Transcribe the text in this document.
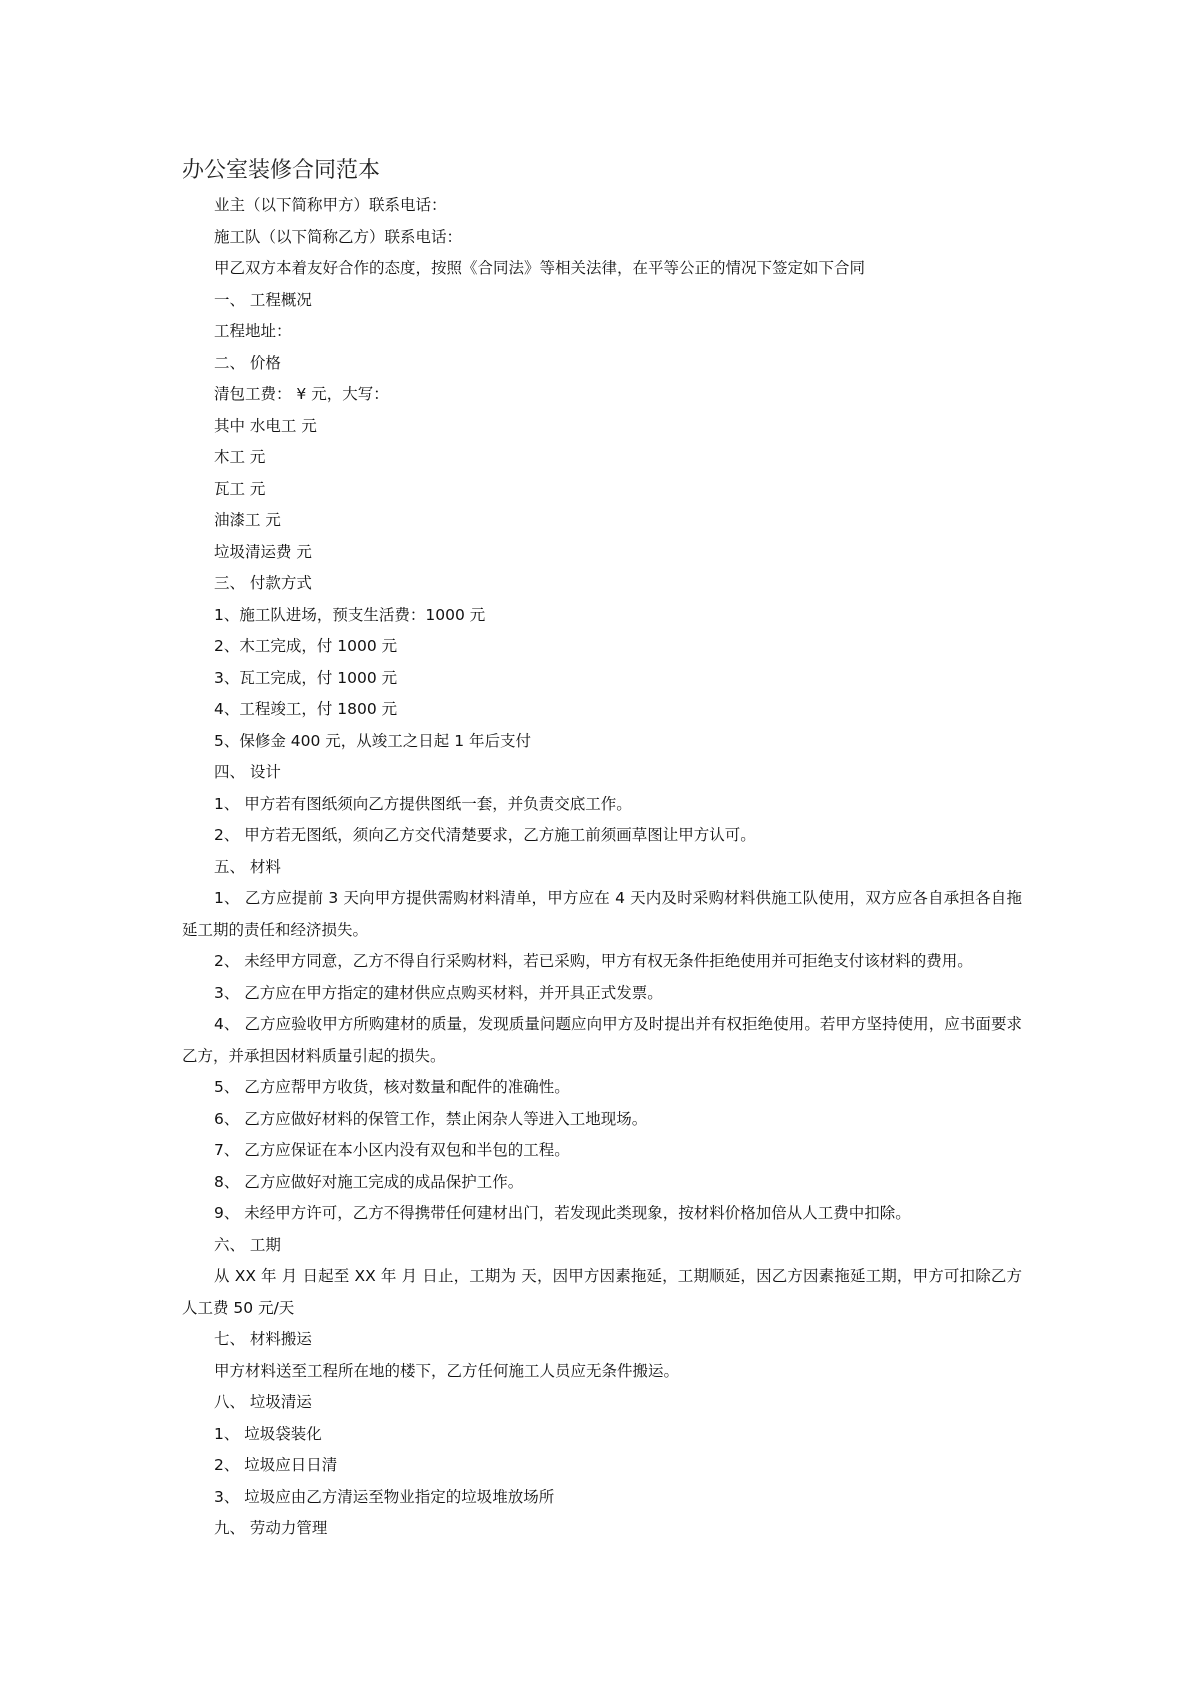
办公室装修合同范本

业主（以下简称甲方）联系电话：

施工队（以下简称乙方）联系电话：

甲乙双方本着友好合作的态度，按照《合同法》等相关法律，在平等公正的情况下签定如下合同

一、 工程概况

工程地址：

二、 价格

清包工费： ¥ 元，大写：

其中 水电工 元

木工 元

瓦工 元

油漆工 元

垃圾清运费 元

三、 付款方式

1、施工队进场，预支生活费：1000 元

2、木工完成，付 1000 元

3、瓦工完成，付 1000 元

4、工程竣工，付 1800 元

5、保修金 400 元，从竣工之日起 1 年后支付

四、 设计

1、 甲方若有图纸须向乙方提供图纸一套，并负责交底工作。

2、 甲方若无图纸，须向乙方交代清楚要求，乙方施工前须画草图让甲方认可。

五、 材料

1、 乙方应提前 3 天向甲方提供需购材料清单，甲方应在 4 天内及时采购材料供施工队使用，双方应各自承担各自拖延工期的责任和经济损失。

2、 未经甲方同意，乙方不得自行采购材料，若已采购，甲方有权无条件拒绝使用并可拒绝支付该材料的费用。

3、 乙方应在甲方指定的建材供应点购买材料，并开具正式发票。

4、 乙方应验收甲方所购建材的质量，发现质量问题应向甲方及时提出并有权拒绝使用。若甲方坚持使用，应书面要求乙方，并承担因材料质量引起的损失。

5、 乙方应帮甲方收货，核对数量和配件的准确性。

6、 乙方应做好材料的保管工作，禁止闲杂人等进入工地现场。

7、 乙方应保证在本小区内没有双包和半包的工程。

8、 乙方应做好对施工完成的成品保护工作。

9、 未经甲方许可，乙方不得携带任何建材出门，若发现此类现象，按材料价格加倍从人工费中扣除。

六、 工期

从 XX 年 月 日起至 XX 年 月 日止，工期为 天，因甲方因素拖延，工期顺延，因乙方因素拖延工期，甲方可扣除乙方人工费 50 元/天

七、 材料搬运

甲方材料送至工程所在地的楼下，乙方任何施工人员应无条件搬运。

八、 垃圾清运

1、 垃圾袋装化

2、 垃圾应日日清

3、 垃圾应由乙方清运至物业指定的垃圾堆放场所

九、 劳动力管理
